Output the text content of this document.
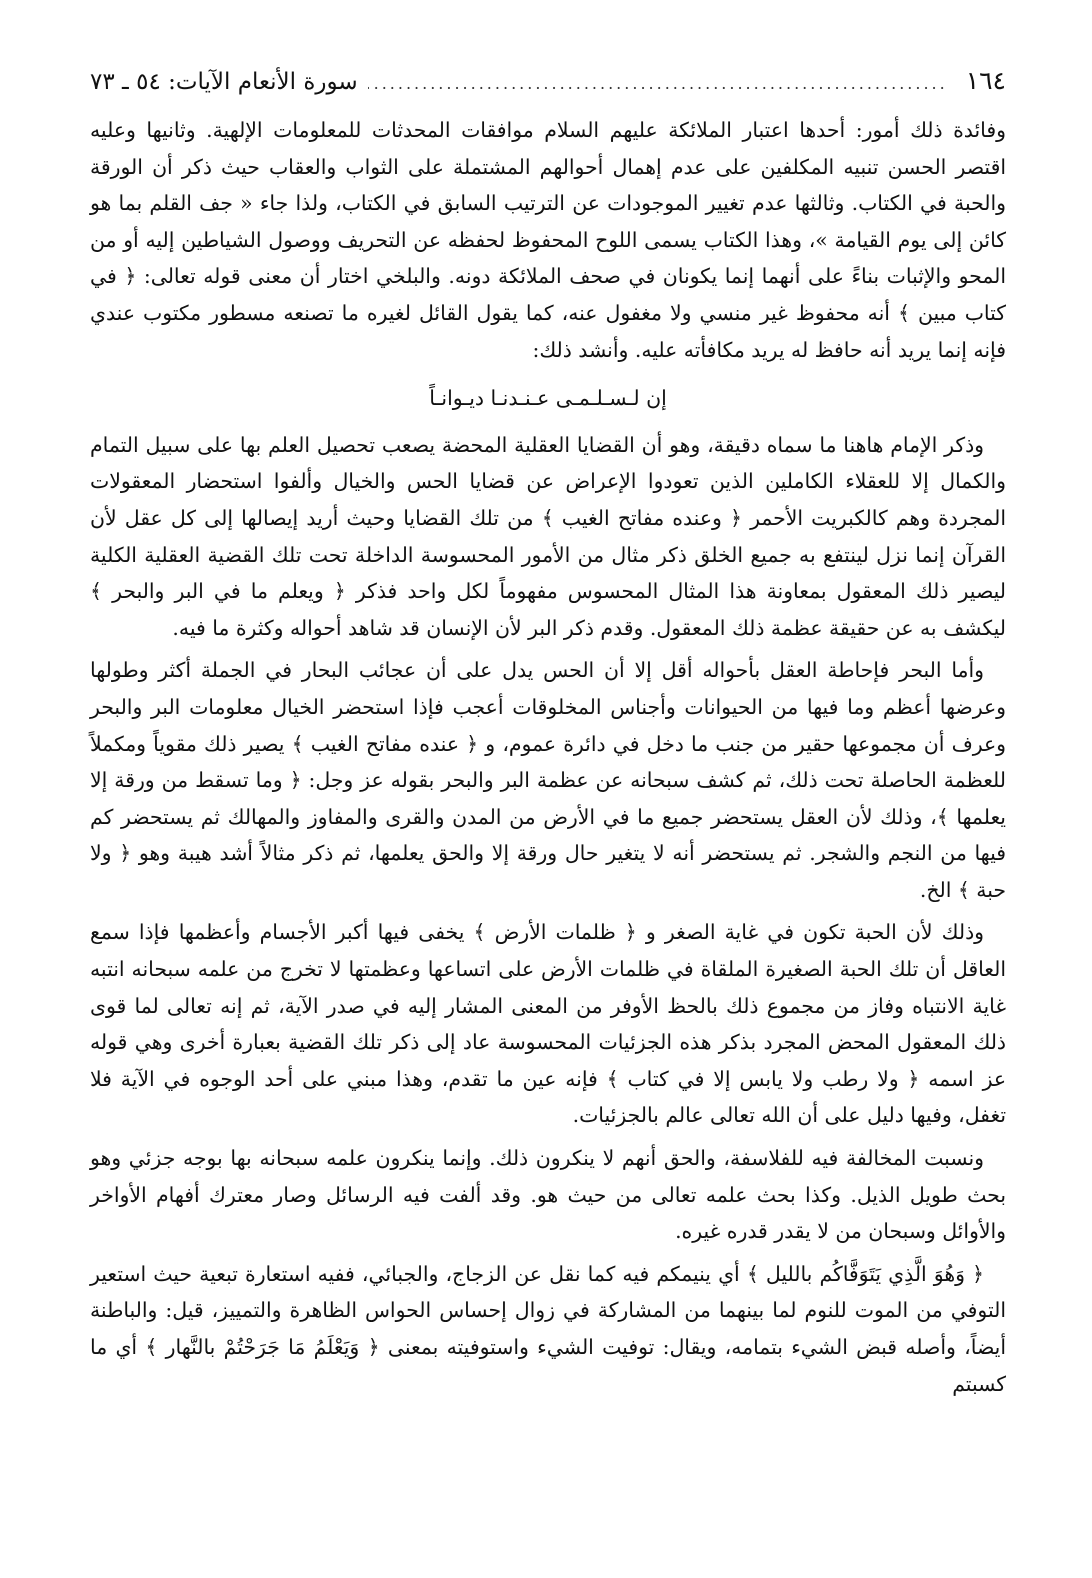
١٦٤
.....
سورة الأنعام الآيات: ٥٤ ـ ٧٣

وفائدة ذلك أمور: أحدها اعتبار الملائكة عليهم السلام موافقات المحدثات للمعلومات الإلهية. وثانيها وعليه اقتصر الحسن تنبيه المكلفين على عدم إهمال أحوالهم المشتملة على الثواب والعقاب حيث ذكر أن الورقة والحبة في الكتاب. وثالثها عدم تغيير الموجودات عن الترتيب السابق في الكتاب، ولذا جاء « جف القلم بما هو كائن إلى يوم القيامة »، وهذا الكتاب يسمى اللوح المحفوظ لحفظه عن التحريف ووصول الشياطين إليه أو من المحو والإثبات بناءً على أنهما إنما يكونان في صحف الملائكة دونه. والبلخي اختار أن معنى قوله تعالى: ﴿ في كتاب مبين ﴾ أنه محفوظ غير منسي ولا مغفول عنه، كما يقول القائل لغيره ما تصنعه مسطور مكتوب عندي فإنه إنما يريد أنه حافظ له يريد مكافأته عليه. وأنشد ذلك:

إن لـسـلـمـى عـنـدنـا ديـوانـاً

وذكر الإمام هاهنا ما سماه دقيقة، وهو أن القضايا العقلية المحضة يصعب تحصيل العلم بها على سبيل التمام والكمال إلا للعقلاء الكاملين الذين تعودوا الإعراض عن قضايا الحس والخيال وألفوا استحضار المعقولات المجردة وهم كالكبريت الأحمر ﴿ وعنده مفاتح الغيب ﴾ من تلك القضايا وحيث أريد إيصالها إلى كل عقل لأن القرآن إنما نزل لينتفع به جميع الخلق ذكر مثال من الأمور المحسوسة الداخلة تحت تلك القضية العقلية الكلية ليصير ذلك المعقول بمعاونة هذا المثال المحسوس مفهوماً لكل واحد فذكر ﴿ ويعلم ما في البر والبحر ﴾ ليكشف به عن حقيقة عظمة ذلك المعقول. وقدم ذكر البر لأن الإنسان قد شاهد أحواله وكثرة ما فيه.

وأما البحر فإحاطة العقل بأحواله أقل إلا أن الحس يدل على أن عجائب البحار في الجملة أكثر وطولها وعرضها أعظم وما فيها من الحيوانات وأجناس المخلوقات أعجب فإذا استحضر الخيال معلومات البر والبحر وعرف أن مجموعها حقير من جنب ما دخل في دائرة عموم، و ﴿ عنده مفاتح الغيب ﴾ يصير ذلك مقوياً ومكملاً للعظمة الحاصلة تحت ذلك، ثم كشف سبحانه عن عظمة البر والبحر بقوله عز وجل: ﴿ وما تسقط من ورقة إلا يعلمها ﴾، وذلك لأن العقل يستحضر جميع ما في الأرض من المدن والقرى والمفاوز والمهالك ثم يستحضر كم فيها من النجم والشجر. ثم يستحضر أنه لا يتغير حال ورقة إلا والحق يعلمها، ثم ذكر مثالاً أشد هيبة وهو ﴿ ولا حبة ﴾ الخ.

وذلك لأن الحبة تكون في غاية الصغر و ﴿ ظلمات الأرض ﴾ يخفى فيها أكبر الأجسام وأعظمها فإذا سمع العاقل أن تلك الحبة الصغيرة الملقاة في ظلمات الأرض على اتساعها وعظمتها لا تخرج من علمه سبحانه انتبه غاية الانتباه وفاز من مجموع ذلك بالحظ الأوفر من المعنى المشار إليه في صدر الآية، ثم إنه تعالى لما قوى ذلك المعقول المحض المجرد بذكر هذه الجزئيات المحسوسة عاد إلى ذكر تلك القضية بعبارة أخرى وهي قوله عز اسمه ﴿ ولا رطب ولا يابس إلا في كتاب ﴾ فإنه عين ما تقدم، وهذا مبني على أحد الوجوه في الآية فلا تغفل، وفيها دليل على أن الله تعالى عالم بالجزئيات.

ونسبت المخالفة فيه للفلاسفة، والحق أنهم لا ينكرون ذلك. وإنما ينكرون علمه سبحانه بها بوجه جزئي وهو بحث طويل الذيل. وكذا بحث علمه تعالى من حيث هو. وقد ألفت فيه الرسائل وصار معترك أفهام الأواخر والأوائل وسبحان من لا يقدر قدره غيره.

﴿ وَهُوَ الَّذِي يَتَوَفَّاكُم بالليل ﴾ أي ينيمكم فيه كما نقل عن الزجاج، والجبائي، ففيه استعارة تبعية حيث استعير التوفي من الموت للنوم لما بينهما من المشاركة في زوال إحساس الحواس الظاهرة والتمييز، قيل: والباطنة أيضاً، وأصله قبض الشيء بتمامه، ويقال: توفيت الشيء واستوفيته بمعنى ﴿ وَيَعْلَمُ مَا جَرَحْتُمْ بالنَّهار ﴾ أي ما كسبتم
